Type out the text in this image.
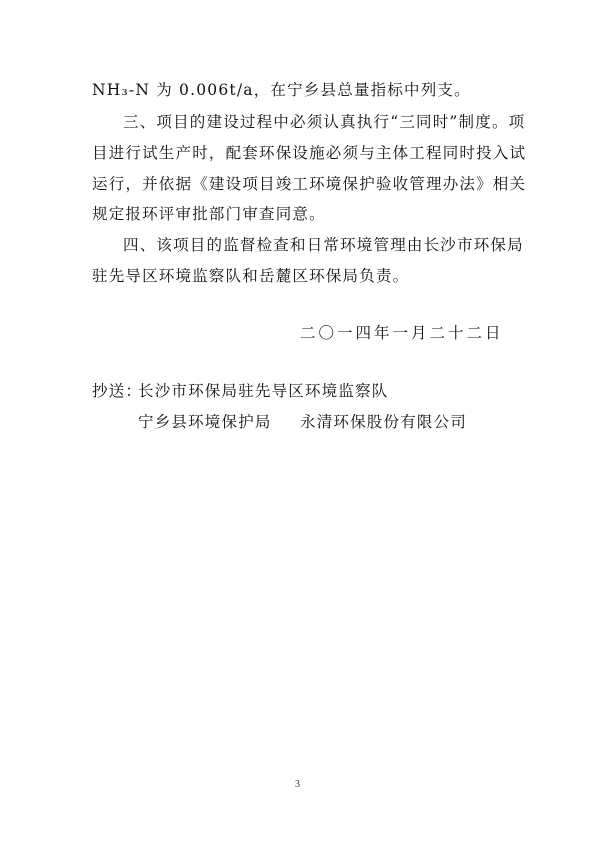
NH₃-N 为 0.006t/a，在宁乡县总量指标中列支。
三、项目的建设过程中必须认真执行“三同时”制度。项
目进行试生产时，配套环保设施必须与主体工程同时投入试
运行，并依据《建设项目竣工环境保护验收管理办法》相关
规定报环评审批部门审查同意。
四、该项目的监督检查和日常环境管理由长沙市环保局
驻先导区环境监察队和岳麓区环保局负责。
二〇一四年一月二十二日
抄送：
长沙市环保局驻先导区环境监察队
宁乡县环境保护局 永清环保股份有限公司
3
